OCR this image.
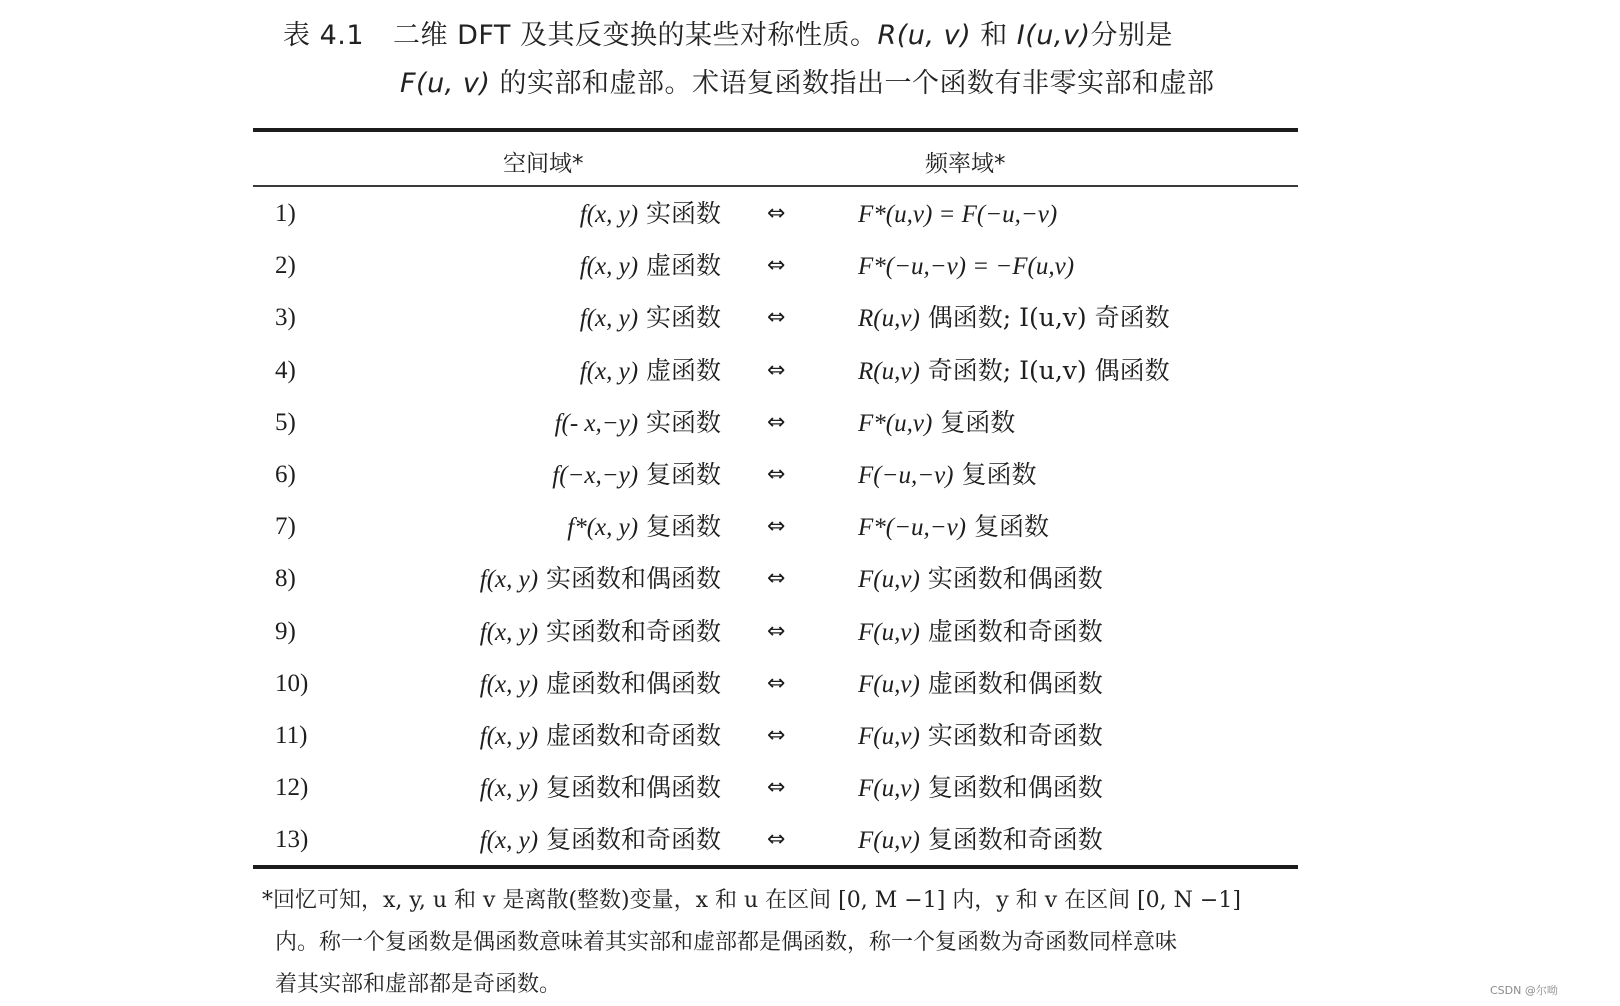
表 4.1 二维 DFT 及其反变换的某些对称性质。R(u, v) 和 I(u,v)分别是
F(u, v) 的实部和虚部。术语复函数指出一个函数有非零实部和虚部
空间域*	频率域*
1)	f(x, y) 实函数 ⇔	F*(u,v) = F(−u,−v)
2)	f(x, y) 虚函数 ⇔	F*(−u,−v) = −F(u,v)
3)	f(x, y) 实函数 ⇔	R(u,v) 偶函数; I(u,v) 奇函数
4)	f(x, y) 虚函数 ⇔	R(u,v) 奇函数; I(u,v) 偶函数
5)	f(- x,−y) 实函数 ⇔	F*(u,v) 复函数
6)	f(−x,−y) 复函数 ⇔	F(−u,−v) 复函数
7)	f*(x, y) 复函数 ⇔	F*(−u,−v) 复函数
8)	f(x, y) 实函数和偶函数 ⇔	F(u,v) 实函数和偶函数
9)	f(x, y) 实函数和奇函数 ⇔	F(u,v) 虚函数和奇函数
10)	f(x, y) 虚函数和偶函数 ⇔	F(u,v) 虚函数和偶函数
11)	f(x, y) 虚函数和奇函数 ⇔	F(u,v) 实函数和奇函数
12)	f(x, y) 复函数和偶函数 ⇔	F(u,v) 复函数和偶函数
13)	f(x, y) 复函数和奇函数 ⇔	F(u,v) 复函数和奇函数
*回忆可知，x, y, u 和 v 是离散(整数)变量，x 和 u 在区间 [0, M −1] 内，y 和 v 在区间 [0, N −1]
内。称一个复函数是偶函数意味着其实部和虚部都是偶函数，称一个复函数为奇函数同样意味
着其实部和虚部都是奇函数。	CSDN @尔呦
